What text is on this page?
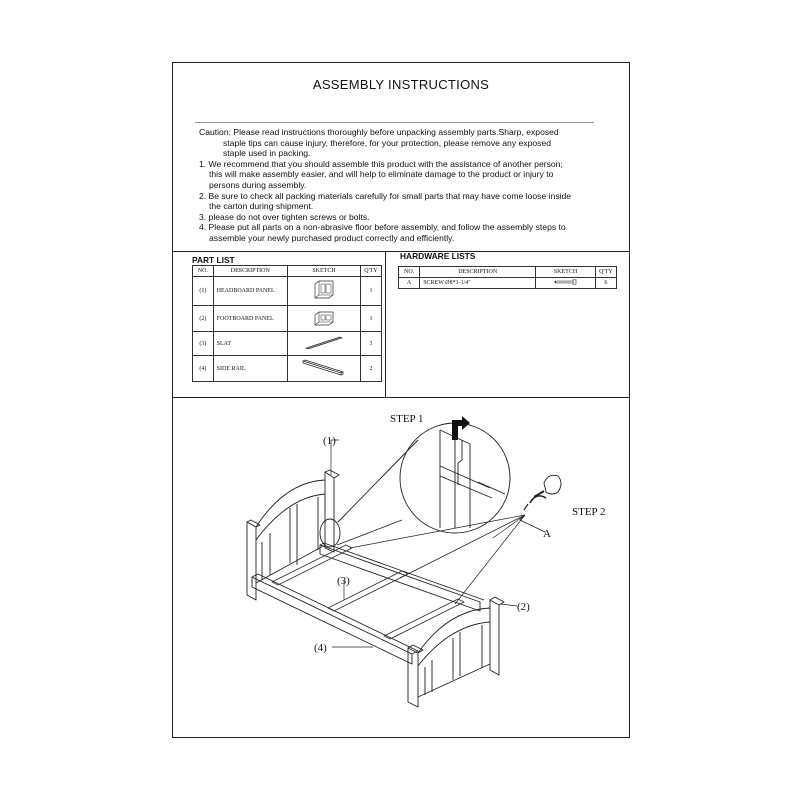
ASSEMBLY INSTRUCTIONS
Caution: Please read instructions thoroughly before unpacking assembly parts.Sharp, exposed
staple tips can cause injury, therefore, for your protection, please remove any exposed
staple used in packing.
1. We recommend that you should assemble this product with the assistance of another person;
this will make assembly easier, and will help to eliminate damage to the product or injury to
persons during assembly.
2. Be sure to check all packing materials carefully for small parts that may have come loose inside
the carton during shipment.
3. please do not over tighten screws or bolts.
4. Please put all parts on a non-abrasive floor before assembly, and follow the assembly steps to
assemble your newly purchased product correctly and efficiently.
PART LIST
NO.	DESCRIPTION	SKETCH	Q'TY
(1)	HEADBOARD PANEL		1
(2)	FOOTBOARD PANEL		1
(3)	SLAT		3
(4)	SIDE RAIL		2
HARDWARE LISTS
NO.	DESCRIPTION	SKETCH	Q'TY
A	SCREW Ø8*1-1/4"		6
STEP 1
STEP 2
(1)
(2)
(3)
(4)
A
